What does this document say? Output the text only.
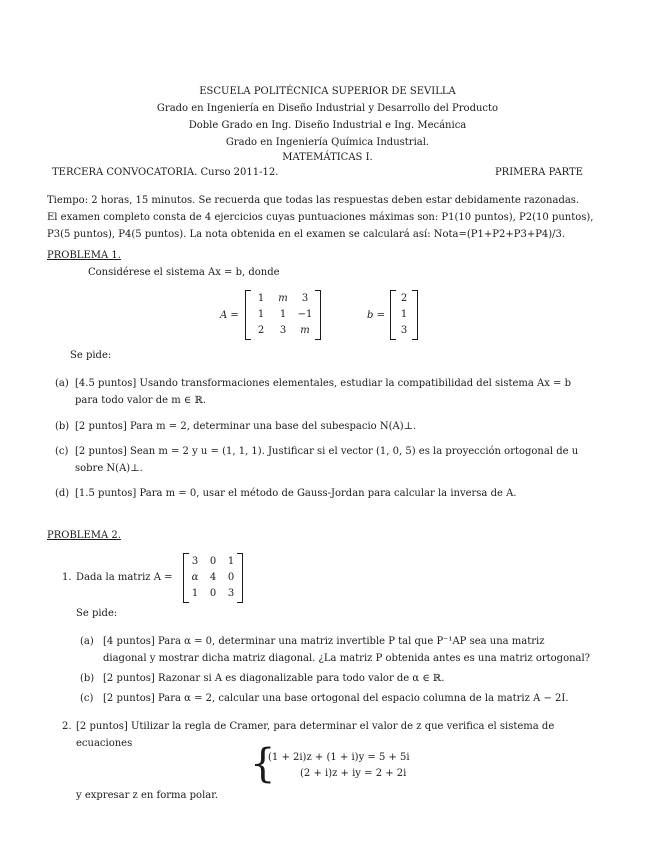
ESCUELA POLITÉCNICA SUPERIOR DE SEVILLA
Grado en Ingeniería en Diseño Industrial y Desarrollo del Producto
Doble Grado en Ing. Diseño Industrial e Ing. Mecánica
Grado en Ingeniería Química Industrial.
MATEMÁTICAS I.
TERCERA CONVOCATORIA. Curso 2011-12.	PRIMERA PARTE
Tiempo: 2 horas, 15 minutos. Se recuerda que todas las respuestas deben estar debidamente razonadas.
El examen completo consta de 4 ejercicios cuyas puntuaciones máximas son: P1(10 puntos), P2(10 puntos),
P3(5 puntos), P4(5 puntos). La nota obtenida en el examen se calculará así: Nota=(P1+P2+P3+P4)/3.
PROBLEMA 1.
Considérese el sistema Ax = b, donde
A =
1	m	3
1	1	−1
2	3	m
b =
2
1
3
Se pide:
(a) [4.5 puntos] Usando transformaciones elementales, estudiar la compatibilidad del sistema Ax = b
para todo valor de m ∈ ℝ.
(b) [2 puntos] Para m = 2, determinar una base del subespacio N(A)⊥.
(c) [2 puntos] Sean m = 2 y u = (1, 1, 1). Justificar si el vector (1, 0, 5) es la proyección ortogonal de u
sobre N(A)⊥.
(d) [1.5 puntos] Para m = 0, usar el método de Gauss-Jordan para calcular la inversa de A.
PROBLEMA 2.
1. Dada la matriz A =
3	0	1
α	4	0
1	0	3
Se pide:
(a) [4 puntos] Para α = 0, determinar una matriz invertible P tal que P⁻¹AP sea una matriz
diagonal y mostrar dicha matriz diagonal. ¿La matriz P obtenida antes es una matriz ortogonal?
(b) [2 puntos] Razonar si A es diagonalizable para todo valor de α ∈ ℝ.
(c) [2 puntos] Para α = 2, calcular una base ortogonal del espacio columna de la matriz A − 2I.
2. [2 puntos] Utilizar la regla de Cramer, para determinar el valor de z que verifica el sistema de
ecuaciones	{
(1 + 2i)z + (1 + i)y = 5 + 5i
(2 + i)z + iy = 2 + 2i
y expresar z en forma polar.
